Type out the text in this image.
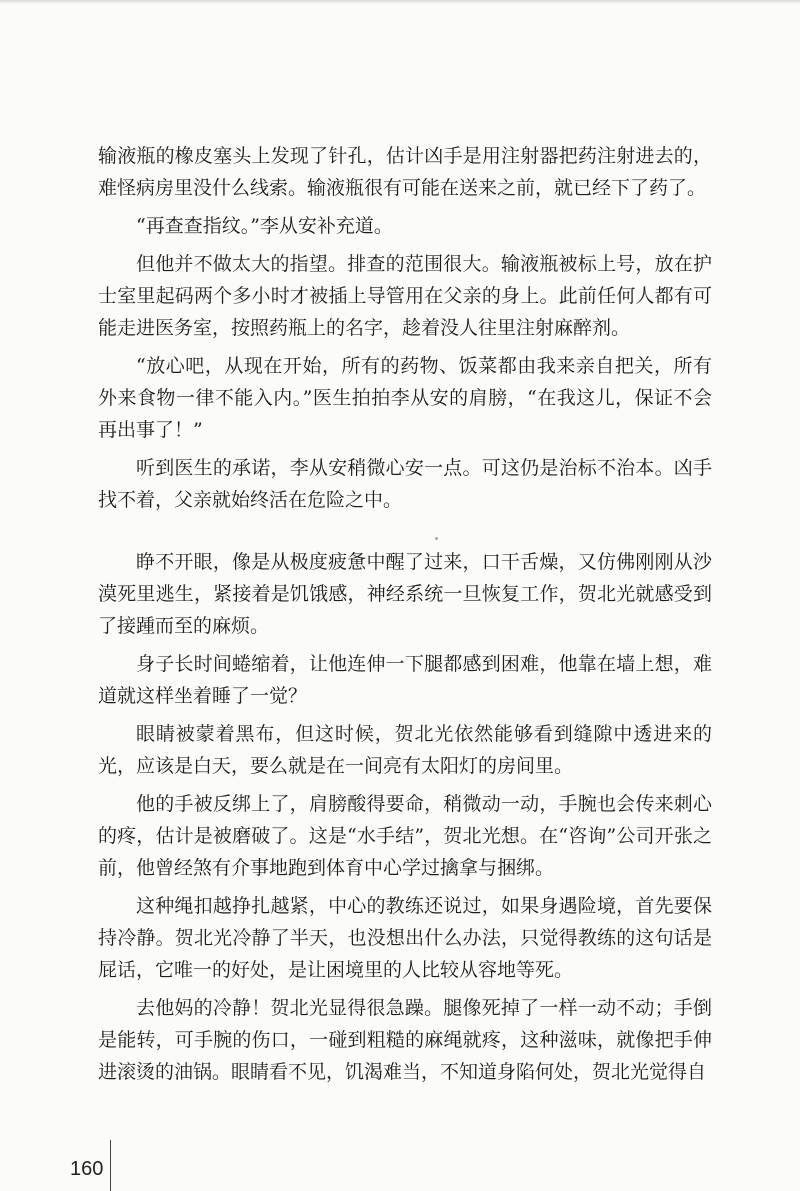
输液瓶的橡皮塞头上发现了针孔，估计凶手是用注射器把药注射进去的，难怪病房里没什么线索。输液瓶很有可能在送来之前，就已经下了药了。

“再查查指纹。”李从安补充道。

但他并不做太大的指望。排查的范围很大。输液瓶被标上号，放在护士室里起码两个多小时才被插上导管用在父亲的身上。此前任何人都有可能走进医务室，按照药瓶上的名字，趁着没人往里注射麻醉剂。

“放心吧，从现在开始，所有的药物、饭菜都由我来亲自把关，所有外来食物一律不能入内。”医生拍拍李从安的肩膀，“在我这儿，保证不会再出事了！”

听到医生的承诺，李从安稍微心安一点。可这仍是治标不治本。凶手找不着，父亲就始终活在危险之中。

睁不开眼，像是从极度疲惫中醒了过来，口干舌燥，又仿佛刚刚从沙漠死里逃生，紧接着是饥饿感，神经系统一旦恢复工作，贺北光就感受到了接踵而至的麻烦。

身子长时间蜷缩着，让他连伸一下腿都感到困难，他靠在墙上想，难道就这样坐着睡了一觉？

眼睛被蒙着黑布，但这时候，贺北光依然能够看到缝隙中透进来的光，应该是白天，要么就是在一间亮有太阳灯的房间里。

他的手被反绑上了，肩膀酸得要命，稍微动一动，手腕也会传来刺心的疼，估计是被磨破了。这是“水手结”，贺北光想。在“咨询”公司开张之前，他曾经煞有介事地跑到体育中心学过擒拿与捆绑。

这种绳扣越挣扎越紧，中心的教练还说过，如果身遇险境，首先要保持冷静。贺北光冷静了半天，也没想出什么办法，只觉得教练的这句话是屁话，它唯一的好处，是让困境里的人比较从容地等死。

去他妈的冷静！贺北光显得很急躁。腿像死掉了一样一动不动；手倒是能转，可手腕的伤口，一碰到粗糙的麻绳就疼，这种滋味，就像把手伸进滚烫的油锅。眼睛看不见，饥渴难当，不知道身陷何处，贺北光觉得自

160
